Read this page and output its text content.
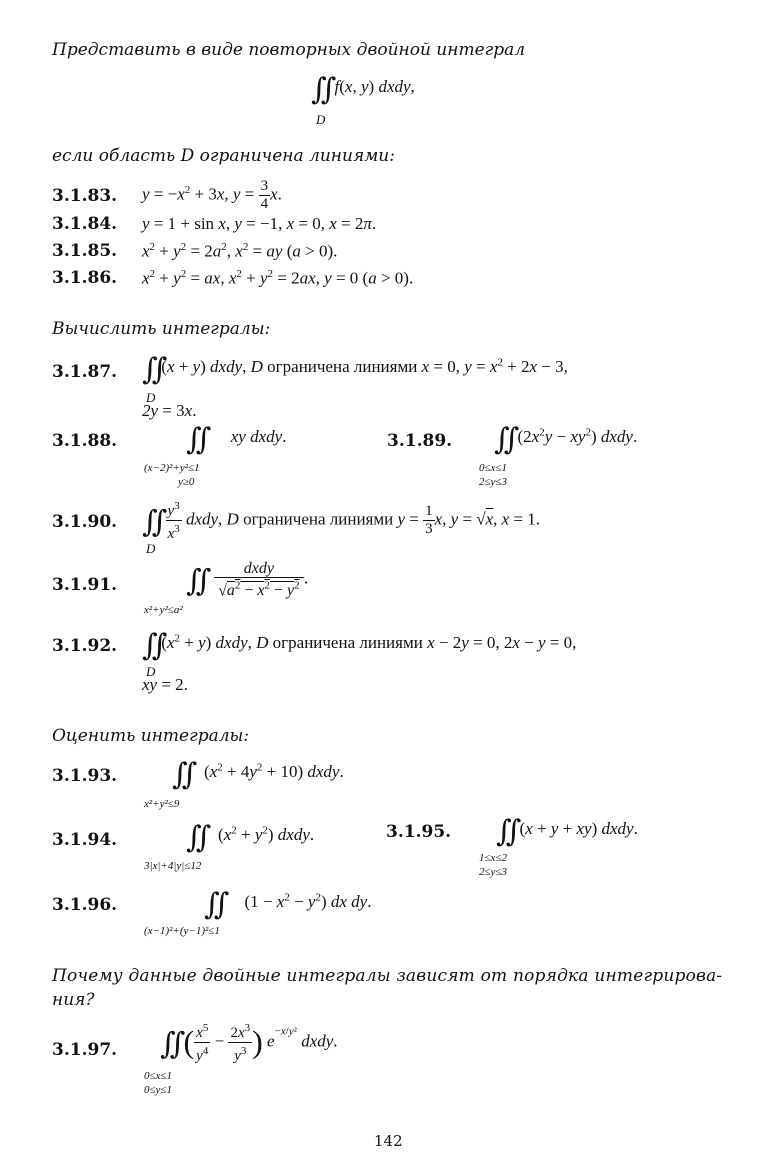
Представить в виде повторных двойной интеграл
∫∫ f(x, y) dxdy,
D
если область D ограничена линиями:
3.1.83. $y = -x^2 + 3x$, $y = \frac{3}{4} x$.
3.1.84. y = 1 + sin x, y = −1, x = 0, x = 2π.
3.1.85. $x^2 + y^2 = 2a^2$, $x^2$ = ay (a > 0).
3.1.86. $x^2 + y^2$ = ax, $x^2 + y^2 = 2ax$, y = 0 (a > 0).
Вычислить интегралы:
3.1.87. ∫∫(x + y) dxdy, D ограничена линиями x = 0, $y = x^2 + 2x - 3$,
D
2y = 3x.
3.1.88. ∫∫ xy dxdy.
(x−2)²+y²≤1
y≥0
3.1.89. ∫∫ $(2x^2y - xy^2)$ dxdy.
0≤x≤1
2≤y≤3
3.1.90. ∫∫ $\frac{y^3}{x^3}$ dxdy, D ограничена линиями $y = \frac{1}{3} x$, y = √x, x = 1.
D
3.1.91. ∫∫	dxdy
$√a^2 - x^2 - y^2$ .
x²+y²≤a²
3.1.92. $\int\int(x^2 + y)$ dxdy, D ограничена линиями x − 2y = 0, 2x − y = 0,
D
xy = 2.
Оценить интегралы:
3.1.93. ∫∫   $(x^2 + 4y^2 + 10)$ dxdy.
x²+y²≤9
3.1.94. ∫∫   $(x^2 + y^2)$ dxdy.
3|x|+4|y|≤12
3.1.95. ∫∫ (x + y + xy) dxdy.
1≤x≤2
2≤y≤3
3.1.96.	∫∫     $(1 - x^2 - y^2)$ dx dy.
(x−1)²+(y−1)²≤1
Почему данные двойные интегралы зависят от порядка интегрирова-
ния?
3.1.97. ∫∫ ( $\frac{x^5}{y^4} - \frac{2x^3}{y^3}$ ) $e^{-x/y^2}$ dxdy.
0≤x≤1
0≤y≤1
142
